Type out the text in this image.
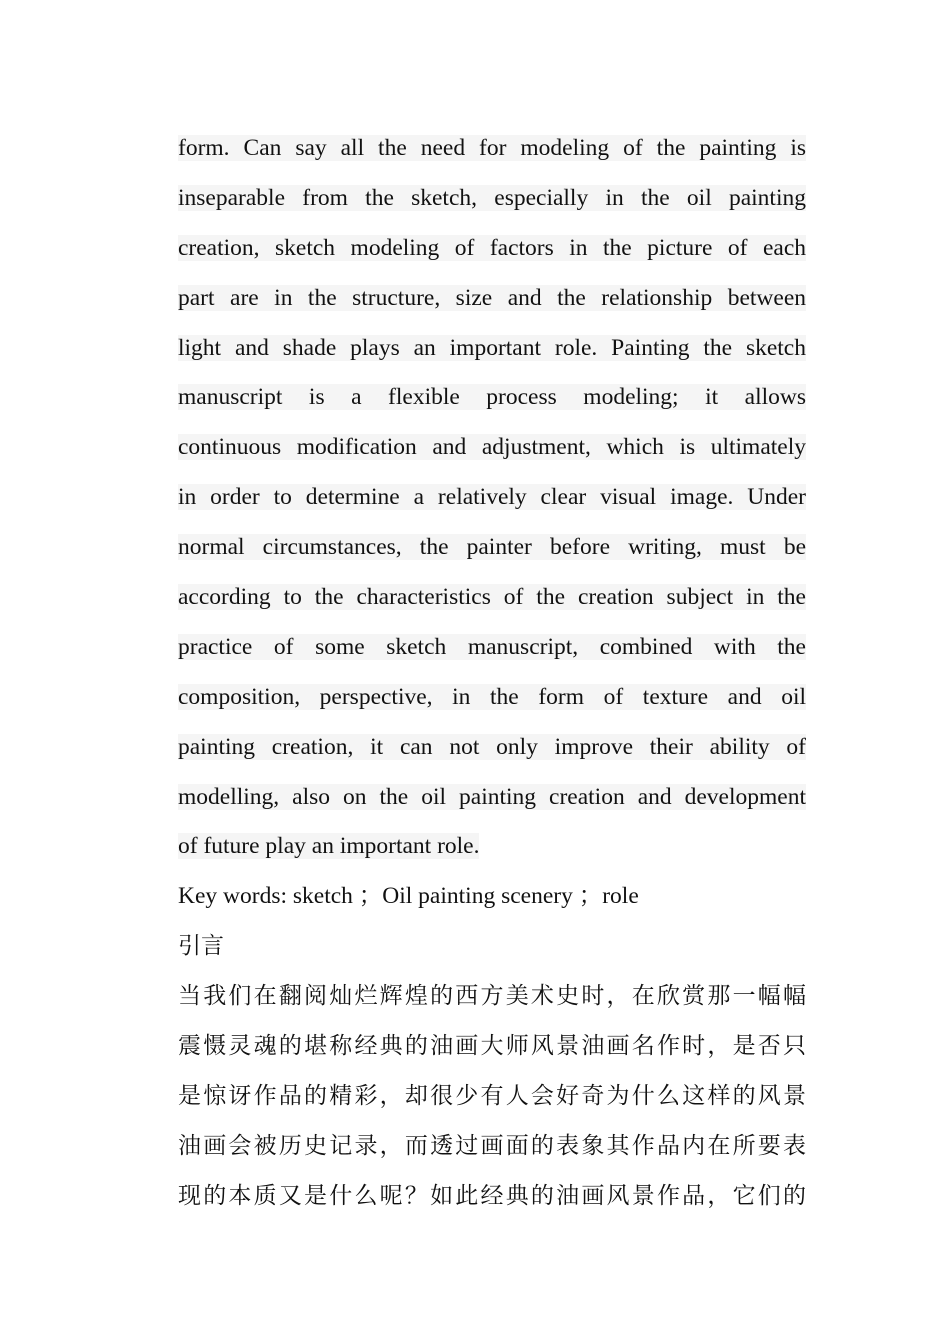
form. Can say all the need for modeling of the painting is
inseparable from the sketch, especially in the oil painting
creation, sketch modeling of factors in the picture of each
part are in the structure, size and the relationship between
light and shade plays an important role. Painting the sketch
manuscript is a flexible process modeling; it allows
continuous modification and adjustment, which is ultimately
in order to determine a relatively clear visual image. Under
normal circumstances, the painter before writing, must be
according to the characteristics of the creation subject in the
practice of some sketch manuscript, combined with the
composition, perspective, in the form of texture and oil
painting creation, it can not only improve their ability of
modelling, also on the oil painting creation and development
of future play an important role.
Key words: sketch ；Oil painting scenery ；role
引言
当我们在翻阅灿烂辉煌的西方美术史时，在欣赏那一幅幅
震慑灵魂的堪称经典的油画大师风景油画名作时，是否只
是惊讶作品的精彩，却很少有人会好奇为什么这样的风景
油画会被历史记录，而透过画面的表象其作品内在所要表
现的本质又是什么呢？如此经典的油画风景作品，它们的
